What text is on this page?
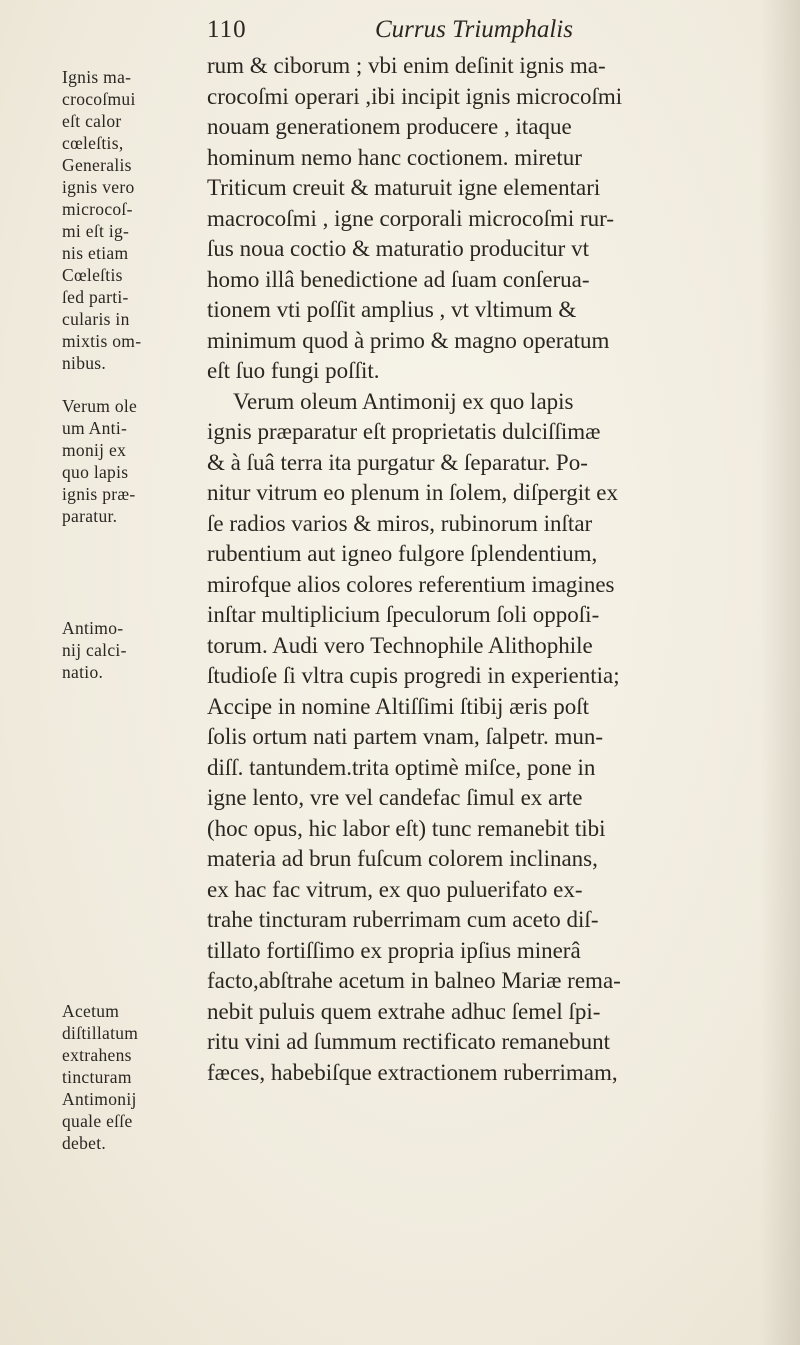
110	Currus Triumphalis
Ignis ma-
crocoſmui
eſt calor
cœleſtis,
Generalis
ignis vero
microcoſ-
mi eſt ig-
nis etiam
Cœleſtis
ſed parti-
cularis in
mixtis om-
nibus.
Verum ole
um Anti-
monij ex
quo lapis
ignis præ-
paratur.
Antimo-
nij calci-
natio.
Acetum
diſtillatum
extrahens
tincturam
Antimonij
quale eſſe
debet.
rum & ciborum ; vbi enim deſinit ignis ma-
crocoſmi operari ,ibi incipit ignis microcoſmi
nouam generationem producere , itaque
hominum nemo hanc coctionem. miretur
Triticum creuit & maturuit igne elementari
macrocoſmi , igne corporali microcoſmi rur-
ſus noua coctio & maturatio producitur vt
homo illâ benedictione ad ſuam conſerua-
tionem vti poſſit amplius , vt vltimum &
minimum quod à primo & magno operatum
eſt ſuo fungi poſſit.
Verum oleum Antimonij ex quo lapis
ignis præparatur eſt proprietatis dulciſſimæ
& à ſuâ terra ita purgatur & ſeparatur. Po-
nitur vitrum eo plenum in ſolem, diſpergit ex
ſe radios varios & miros, rubinorum inſtar
rubentium aut igneo fulgore ſplendentium,
mirofque alios colores referentium imagines
inſtar multiplicium ſpeculorum ſoli oppoſi-
torum. Audi vero Technophile Alithophile
ſtudioſe ſi vltra cupis progredi in experientia;
Accipe in nomine Altiſſimi ſtibij æris poſt
ſolis ortum nati partem vnam, ſalpetr. mun-
diſſ. tantundem.trita optimè miſce, pone in
igne lento, vre vel candefac ſimul ex arte
(hoc opus, hic labor eſt) tunc remanebit tibi
materia ad brun fuſcum colorem inclinans,
ex hac fac vitrum, ex quo puluerifato ex-
trahe tincturam ruberrimam cum aceto diſ-
tillato fortiſſimo ex propria ipſius minerâ
facto,abſtrahe acetum in balneo Mariæ rema-
nebit puluis quem extrahe adhuc ſemel ſpi-
ritu vini ad ſummum rectificato remanebunt
fæces, habebiſque extractionem ruberrimam,
